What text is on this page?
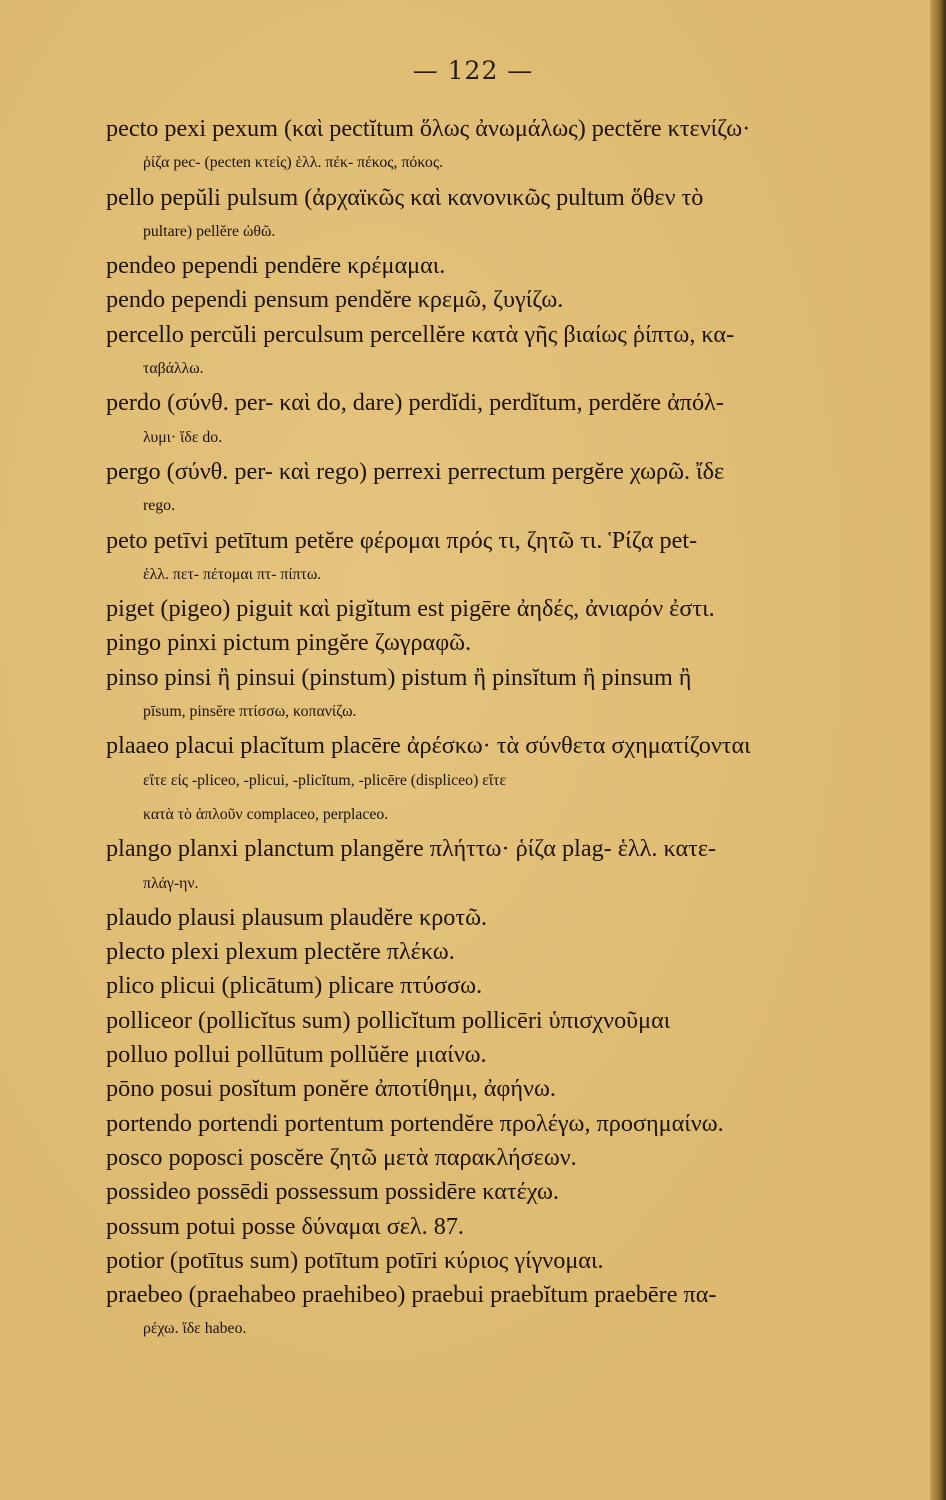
— 122 —
pecto pexi pexum (καὶ pectĭtum ὅλως ἀνωμάλως) pectĕre κτενίζω·
ῥίζα pec- (pecten κτείς) ἑλλ. πέκ- πέκος, πόκος.
pello pepŭli pulsum (ἀρχαϊκῶς καὶ κανονικῶς pultum ὅθεν τὸ
pultare) pellĕre ὠθῶ.
pendeo pependi pendēre κρέμαμαι.
pendo pependi pensum pendĕre κρεμῶ, ζυγίζω.
percello percŭli perculsum percellĕre κατὰ γῆς βιαίως ῥίπτω, κα-
ταβάλλω.
perdo (σύνθ. per- καὶ do, dare) perdĭdi, perdĭtum, perdĕre ἀπόλ-
λυμι· ἴδε do.
pergo (σύνθ. per- καὶ rego) perrexi perrectum pergĕre χωρῶ. ἴδε
rego.
peto petīvi petītum petĕre φέρομαι πρός τι, ζητῶ τι. Ῥίζα pet-
ἑλλ. πετ- πέτομαι πτ- πίπτω.
piget (pigeo) piguit καὶ pigĭtum est pigēre ἀηδές, ἀνιαρόν ἐστι.
pingo pinxi pictum pingĕre ζωγραφῶ.
pinso pinsi ἢ pinsui (pinstum) pistum ἢ pinsĭtum ἢ pinsum ἢ
pīsum, pinsĕre πτίσσω, κοπανίζω.
plaaeo placui placĭtum placēre ἀρέσκω· τὰ σύνθετα σχηματίζονται
εἴτε εἰς -pliceo, -plicui, -plicĭtum, -plicēre (displiceo) εἴτε
κατὰ τὸ ἁπλοῦν complaceo, perplaceo.
plango planxi planctum plangĕre πλήττω· ῥίζα plag- ἑλλ. κατε-
πλάγ-ην.
plaudo plausi plausum plaudĕre κροτῶ.
plecto plexi plexum plectĕre πλέκω.
plico plicui (plicātum) plicare πτύσσω.
polliceor (pollicĭtus sum) pollicĭtum pollicēri ὑπισχνοῦμαι
polluo pollui pollūtum pollŭĕre μιαίνω.
pōno posui posĭtum ponĕre ἀποτίθημι, ἀφήνω.
portendo portendi portentum portendĕre προλέγω, προσημαίνω.
posco poposci poscĕre ζητῶ μετὰ παρακλήσεων.
possideo possēdi possessum possidēre κατέχω.
possum potui posse δύναμαι σελ. 87.
potior (potītus sum) potītum potīri κύριος γίγνομαι.
praebeo (praehabeo praehibeo) praebui praebĭtum praebēre πα-
ρέχω. ἴδε habeo.
